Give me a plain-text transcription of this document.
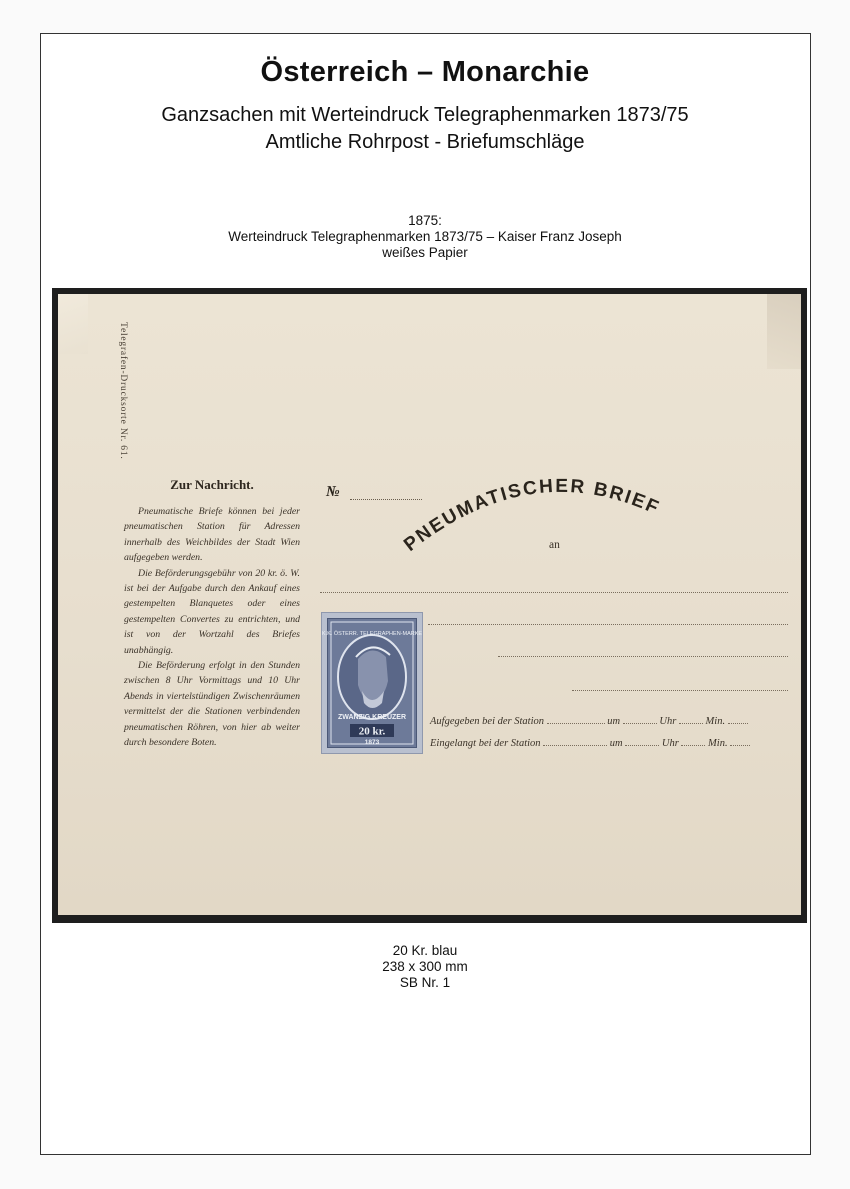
Österreich – Monarchie
Ganzsachen mit Werteindruck Telegraphenmarken 1873/75
Amtliche Rohrpost - Briefumschläge
1875:
Werteindruck Telegraphenmarken 1873/75 – Kaiser Franz Joseph
weißes Papier
Telegrafen-Drucksorte Nr. 61.
Zur Nachricht.

Pneumatische Briefe können bei jeder pneumatischen Station für Adressen innerhalb des Weichbildes der Stadt Wien aufgegeben werden.

Die Beförderungsgebühr von 20 kr. ö. W. ist bei der Aufgabe durch den Ankauf eines gestempelten Blanquetes oder eines gestempelten Convertes zu entrichten, und ist von der Wortzahl des Briefes unabhängig.

Die Beförderung erfolgt in den Stunden zwischen 8 Uhr Vormittags und 10 Uhr Abends in viertelstündigen Zwischenräumen vermittelst der die Stationen verbindenden pneumatischen Röhren, von hier ab weiter durch besondere Boten.

№
PNEUMATISCHER BRIEF
an
K.K. ÖSTERR. TELEGRAPHEN-MARKE
ZWANZIG KREUZER
20 kr.
1873
Aufgegeben bei der Station	um	Uhr	Min.
Eingelangt bei der Station	um	Uhr	Min.
20 Kr. blau
238 x 300 mm
SB Nr. 1
